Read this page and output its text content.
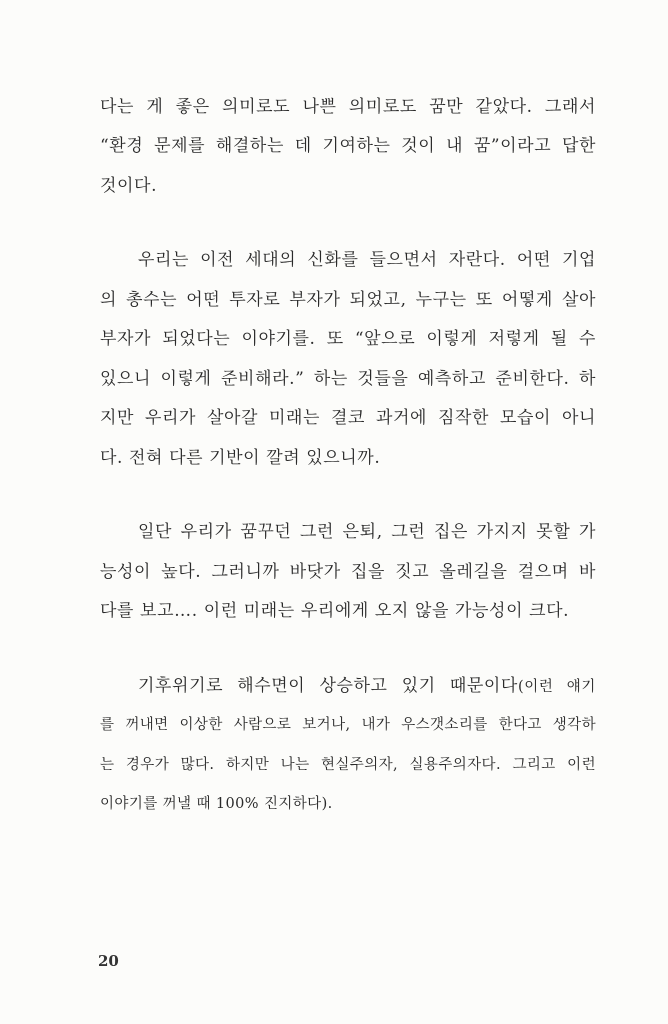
다는 게 좋은 의미로도 나쁜 의미로도 꿈만 같았다. 그래서

“환경 문제를 해결하는 데 기여하는 것이 내 꿈”이라고 답한

것이다.

우리는 이전 세대의 신화를 들으면서 자란다. 어떤 기업

의 총수는 어떤 투자로 부자가 되었고, 누구는 또 어떻게 살아

부자가 되었다는 이야기를. 또 “앞으로 이렇게 저렇게 될 수

있으니 이렇게 준비해라.” 하는 것들을 예측하고 준비한다. 하

지만 우리가 살아갈 미래는 결코 과거에 짐작한 모습이 아니

다. 전혀 다른 기반이 깔려 있으니까.

일단 우리가 꿈꾸던 그런 은퇴, 그런 집은 가지지 못할 가

능성이 높다. 그러니까 바닷가 집을 짓고 올레길을 걸으며 바

다를 보고…. 이런 미래는 우리에게 오지 않을 가능성이 크다.

기후위기로 해수면이 상승하고 있기 때문이다(이런 얘기

를 꺼내면 이상한 사람으로 보거나, 내가 우스갯소리를 한다고 생각하

는 경우가 많다. 하지만 나는 현실주의자, 실용주의자다. 그리고 이런

이야기를 꺼낼 때 100% 진지하다).

20
